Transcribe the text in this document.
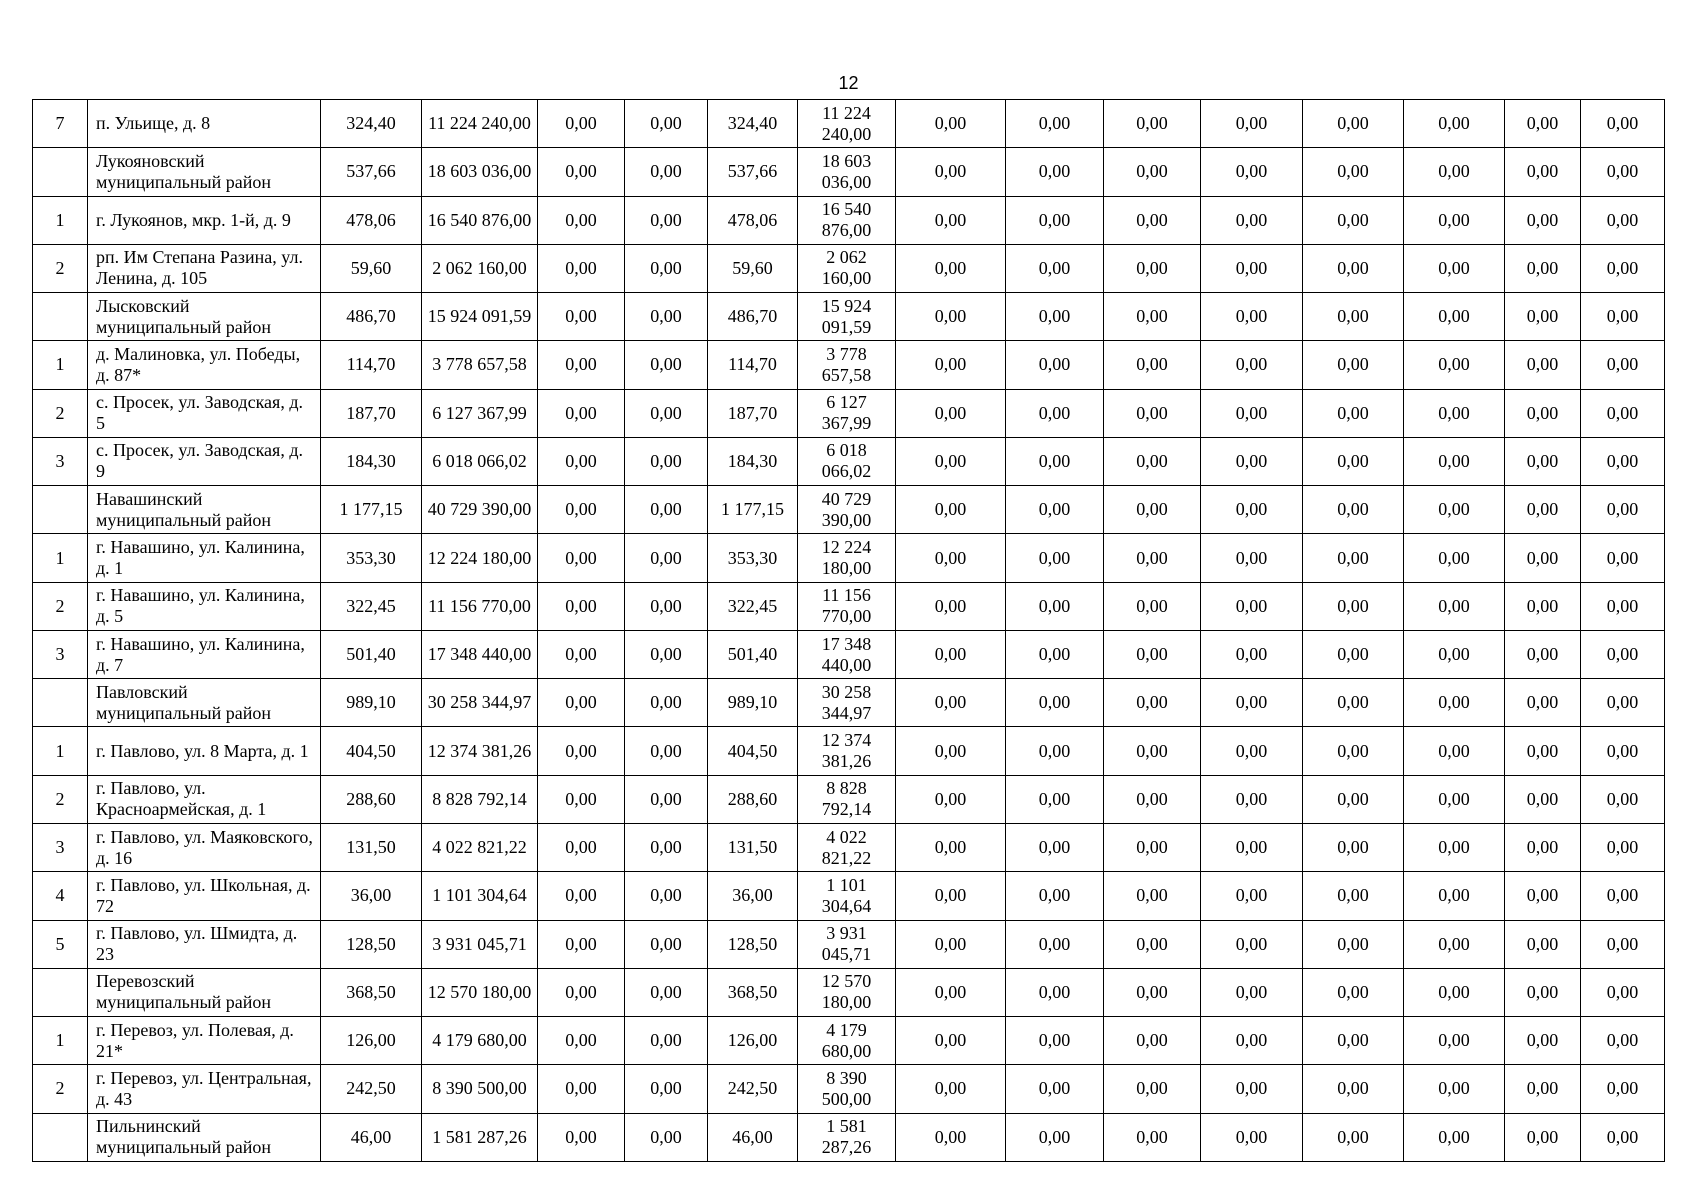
12
7	п. Ульище, д. 8	324,40	11 224 240,00	0,00	0,00	324,40	11 224 240,00	0,00	0,00	0,00	0,00	0,00	0,00	0,00	0,00
	Лукояновский муниципальный район	537,66	18 603 036,00	0,00	0,00	537,66	18 603 036,00	0,00	0,00	0,00	0,00	0,00	0,00	0,00	0,00
1	г. Лукоянов, мкр. 1-й, д. 9	478,06	16 540 876,00	0,00	0,00	478,06	16 540 876,00	0,00	0,00	0,00	0,00	0,00	0,00	0,00	0,00
2	рп. Им Степана Разина, ул. Ленина, д. 105	59,60	2 062 160,00	0,00	0,00	59,60	2 062 160,00	0,00	0,00	0,00	0,00	0,00	0,00	0,00	0,00
	Лысковский муниципальный район	486,70	15 924 091,59	0,00	0,00	486,70	15 924 091,59	0,00	0,00	0,00	0,00	0,00	0,00	0,00	0,00
1	д. Малиновка, ул. Победы, д. 87*	114,70	3 778 657,58	0,00	0,00	114,70	3 778 657,58	0,00	0,00	0,00	0,00	0,00	0,00	0,00	0,00
2	с. Просек, ул. Заводская, д. 5	187,70	6 127 367,99	0,00	0,00	187,70	6 127 367,99	0,00	0,00	0,00	0,00	0,00	0,00	0,00	0,00
3	с. Просек, ул. Заводская, д. 9	184,30	6 018 066,02	0,00	0,00	184,30	6 018 066,02	0,00	0,00	0,00	0,00	0,00	0,00	0,00	0,00
	Навашинский муниципальный район	1 177,15	40 729 390,00	0,00	0,00	1 177,15	40 729 390,00	0,00	0,00	0,00	0,00	0,00	0,00	0,00	0,00
1	г. Навашино, ул. Калинина, д. 1	353,30	12 224 180,00	0,00	0,00	353,30	12 224 180,00	0,00	0,00	0,00	0,00	0,00	0,00	0,00	0,00
2	г. Навашино, ул. Калинина, д. 5	322,45	11 156 770,00	0,00	0,00	322,45	11 156 770,00	0,00	0,00	0,00	0,00	0,00	0,00	0,00	0,00
3	г. Навашино, ул. Калинина, д. 7	501,40	17 348 440,00	0,00	0,00	501,40	17 348 440,00	0,00	0,00	0,00	0,00	0,00	0,00	0,00	0,00
	Павловский муниципальный район	989,10	30 258 344,97	0,00	0,00	989,10	30 258 344,97	0,00	0,00	0,00	0,00	0,00	0,00	0,00	0,00
1	г. Павлово, ул. 8 Марта, д. 1	404,50	12 374 381,26	0,00	0,00	404,50	12 374 381,26	0,00	0,00	0,00	0,00	0,00	0,00	0,00	0,00
2	г. Павлово, ул. Красноармейская, д. 1	288,60	8 828 792,14	0,00	0,00	288,60	8 828 792,14	0,00	0,00	0,00	0,00	0,00	0,00	0,00	0,00
3	г. Павлово, ул. Маяковского, д. 16	131,50	4 022 821,22	0,00	0,00	131,50	4 022 821,22	0,00	0,00	0,00	0,00	0,00	0,00	0,00	0,00
4	г. Павлово, ул. Школьная, д. 72	36,00	1 101 304,64	0,00	0,00	36,00	1 101 304,64	0,00	0,00	0,00	0,00	0,00	0,00	0,00	0,00
5	г. Павлово, ул. Шмидта, д. 23	128,50	3 931 045,71	0,00	0,00	128,50	3 931 045,71	0,00	0,00	0,00	0,00	0,00	0,00	0,00	0,00
	Перевозский муниципальный район	368,50	12 570 180,00	0,00	0,00	368,50	12 570 180,00	0,00	0,00	0,00	0,00	0,00	0,00	0,00	0,00
1	г. Перевоз, ул. Полевая, д. 21*	126,00	4 179 680,00	0,00	0,00	126,00	4 179 680,00	0,00	0,00	0,00	0,00	0,00	0,00	0,00	0,00
2	г. Перевоз, ул. Центральная, д. 43	242,50	8 390 500,00	0,00	0,00	242,50	8 390 500,00	0,00	0,00	0,00	0,00	0,00	0,00	0,00	0,00
	Пильнинский муниципальный район	46,00	1 581 287,26	0,00	0,00	46,00	1 581 287,26	0,00	0,00	0,00	0,00	0,00	0,00	0,00	0,00
